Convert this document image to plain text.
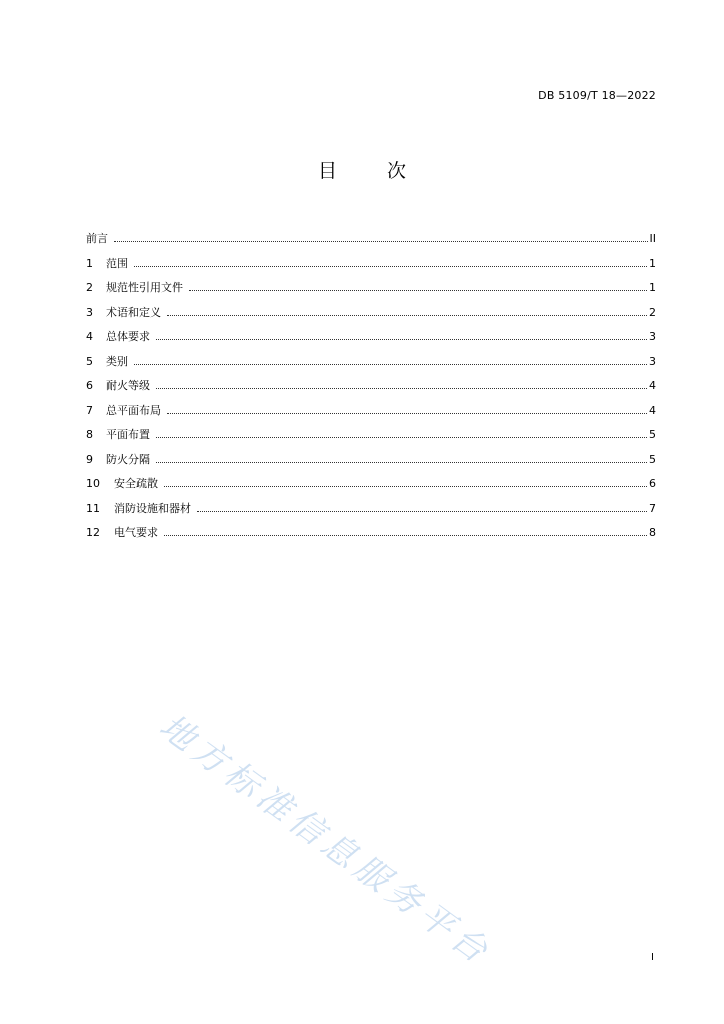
DB 5109/T 18—2022
目 次
前言	II
1	范围	1
2	规范性引用文件	1
3	术语和定义	2
4	总体要求	3
5	类别	3
6	耐火等级	4
7	总平面布局	4
8	平面布置	5
9	防火分隔	5
10	安全疏散	6
11	消防设施和器材	7
12	电气要求	8
地方标准信息服务平台	I
